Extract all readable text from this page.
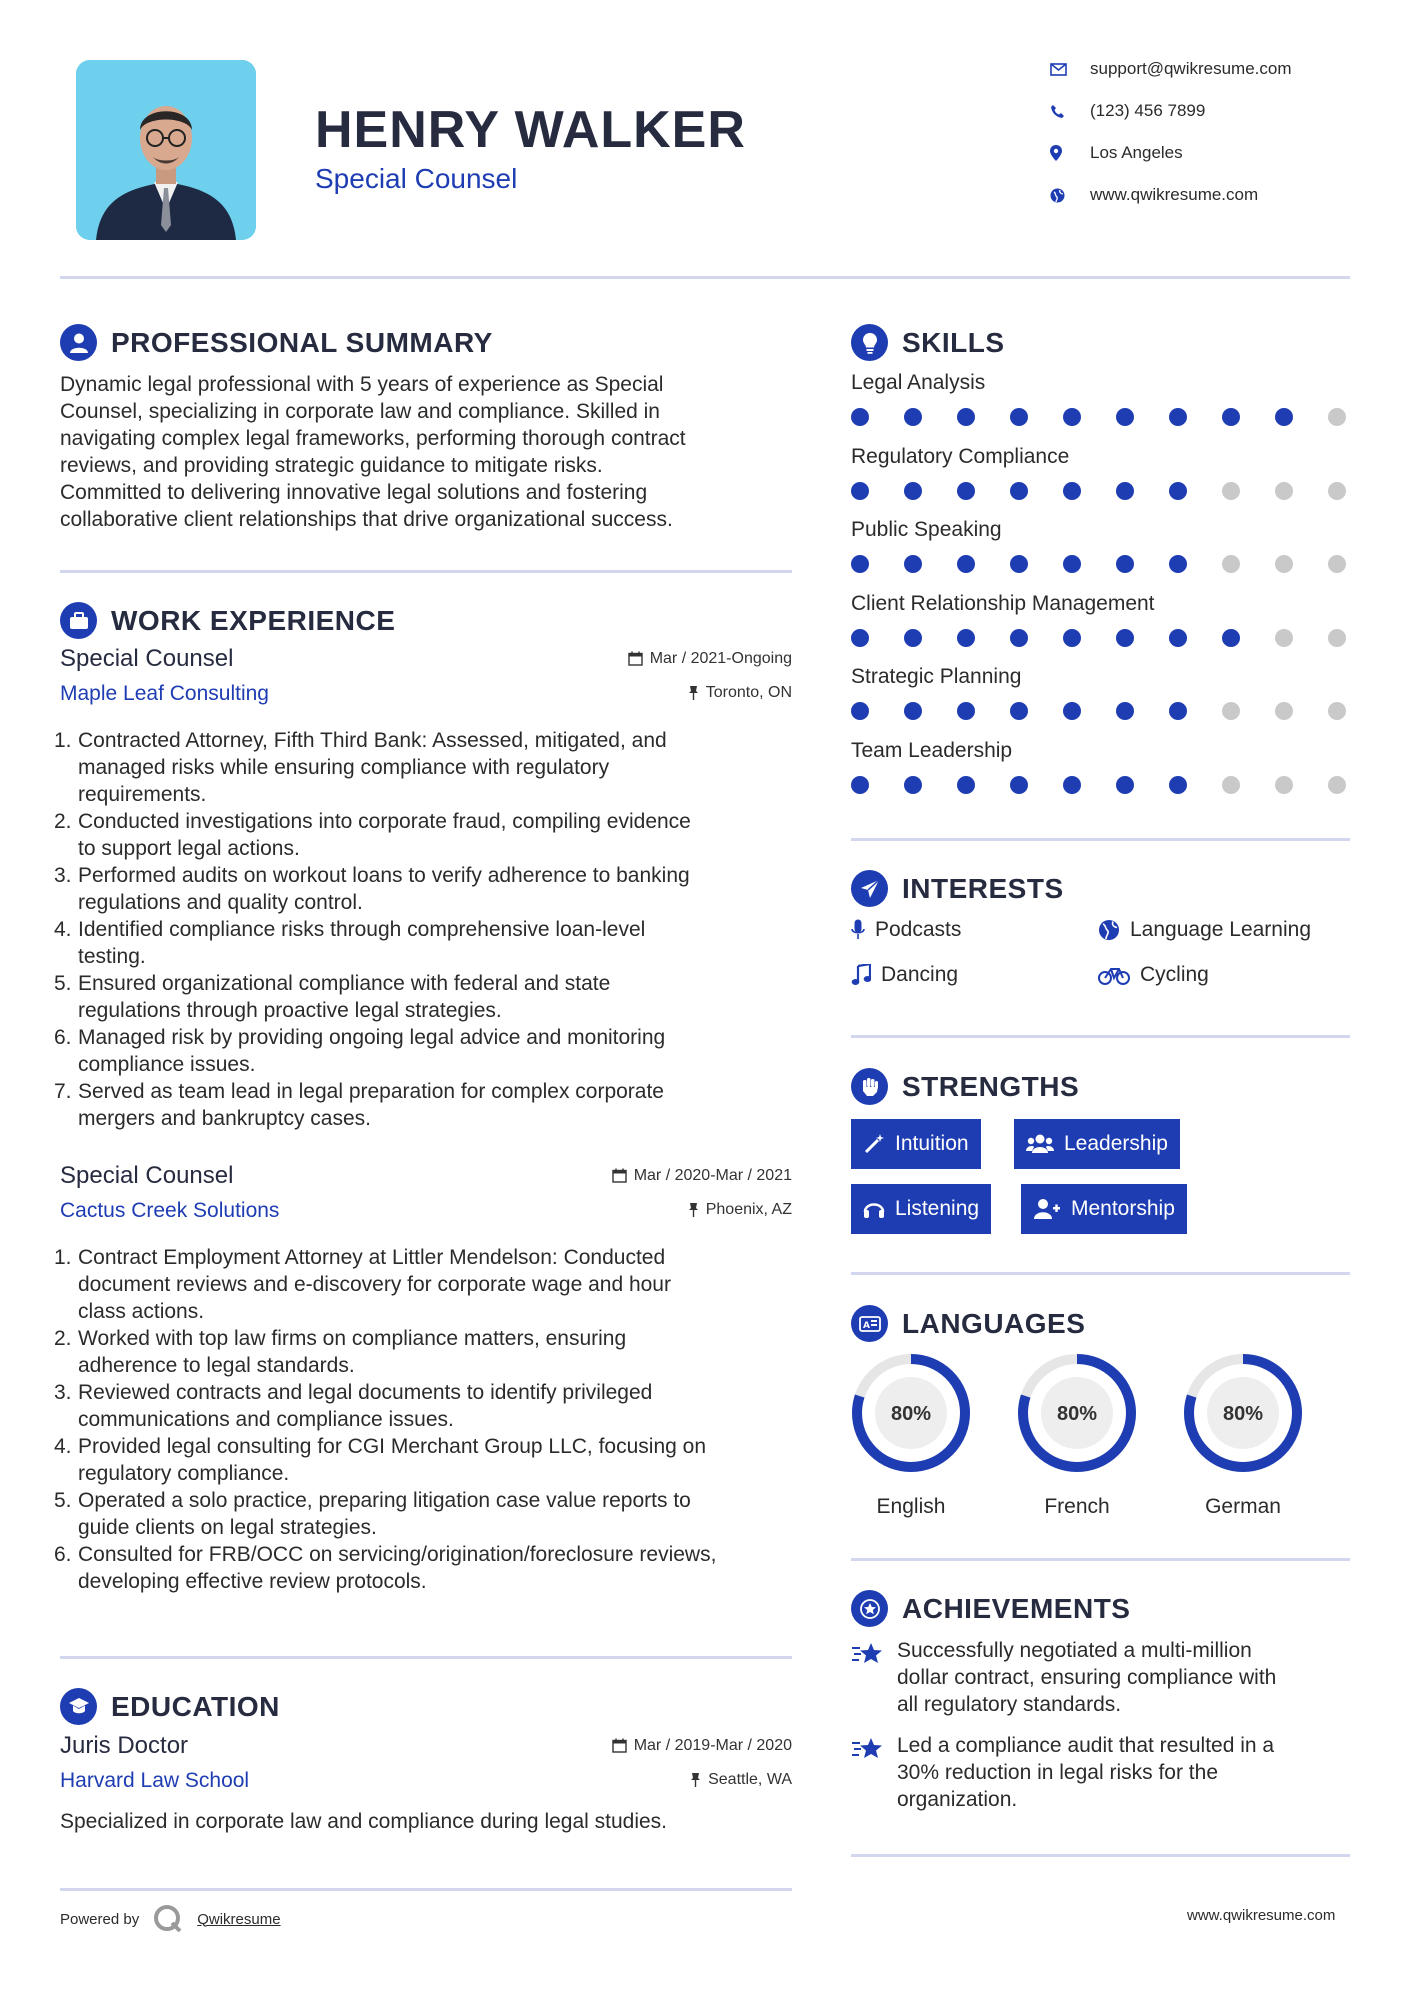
HENRY WALKER
Special Counsel
support@qwikresume.com
(123) 456 7899
Los Angeles
www.qwikresume.com
PROFESSIONAL SUMMARY
Dynamic legal professional with 5 years of experience as Special
Counsel, specializing in corporate law and compliance. Skilled in
navigating complex legal frameworks, performing thorough contract
reviews, and providing strategic guidance to mitigate risks.
Committed to delivering innovative legal solutions and fostering
collaborative client relationships that drive organizational success.
WORK EXPERIENCE
Special Counsel	Mar / 2021-Ongoing
Maple Leaf Consulting	Toronto, ON
1. Contracted Attorney, Fifth Third Bank: Assessed, mitigated, and
managed risks while ensuring compliance with regulatory
requirements.
2. Conducted investigations into corporate fraud, compiling evidence
to support legal actions.
3. Performed audits on workout loans to verify adherence to banking
regulations and quality control.
4. Identified compliance risks through comprehensive loan-level
testing.
5. Ensured organizational compliance with federal and state
regulations through proactive legal strategies.
6. Managed risk by providing ongoing legal advice and monitoring
compliance issues.
7. Served as team lead in legal preparation for complex corporate
mergers and bankruptcy cases.
Special Counsel	Mar / 2020-Mar / 2021
Cactus Creek Solutions	Phoenix, AZ
1. Contract Employment Attorney at Littler Mendelson: Conducted
document reviews and e-discovery for corporate wage and hour
class actions.
2. Worked with top law firms on compliance matters, ensuring
adherence to legal standards.
3. Reviewed contracts and legal documents to identify privileged
communications and compliance issues.
4. Provided legal consulting for CGI Merchant Group LLC, focusing on
regulatory compliance.
5. Operated a solo practice, preparing litigation case value reports to
guide clients on legal strategies.
6. Consulted for FRB/OCC on servicing/origination/foreclosure reviews,
developing effective review protocols.
EDUCATION
Juris Doctor	Mar / 2019-Mar / 2020
Harvard Law School	Seattle, WA
Specialized in corporate law and compliance during legal studies.
SKILLS
Legal Analysis
Regulatory Compliance
Public Speaking
Client Relationship Management
Strategic Planning
Team Leadership
INTERESTS
Podcasts	Language Learning
Dancing	Cycling
STRENGTHS
Intuition	Leadership
Listening	Mentorship
A LANGUAGES
80%
English
80%
French
80%
German
ACHIEVEMENTS
Successfully negotiated a multi-million
dollar contract, ensuring compliance with
all regulatory standards.
Led a compliance audit that resulted in a
30% reduction in legal risks for the
organization.
Powered by	Qwikresume	www.qwikresume.com
